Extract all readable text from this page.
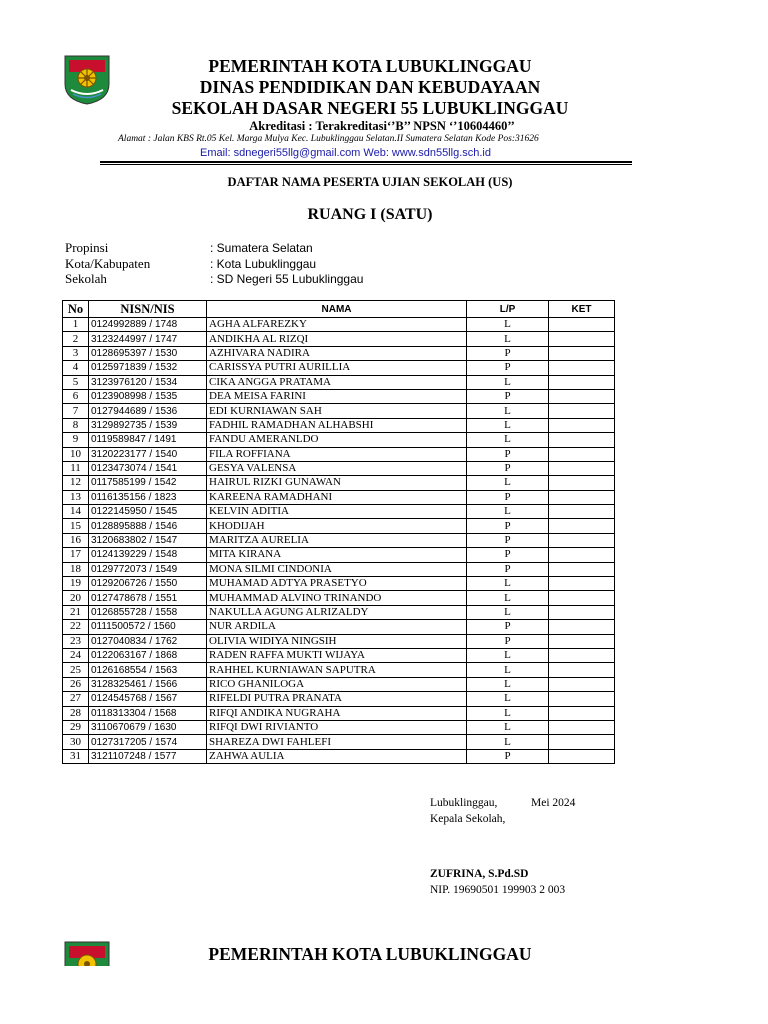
PEMERINTAH KOTA LUBUKLINGGAU
DINAS PENDIDIKAN DAN KEBUDAYAAN
SEKOLAH DASAR NEGERI 55 LUBUKLINGGAU
Akreditasi : Terakreditasi‘’B’’ NPSN ‘’10604460’’
Alamat : Jalan KBS Rt.05 Kel. Marga Mulya Kec. Lubuklinggau Selatan.II Sumatera Selatan Kode Pos:31626
Email: sdnegeri55llg@gmail.com Web: www.sdn55llg.sch.id
DAFTAR NAMA PESERTA UJIAN SEKOLAH (US)
RUANG I (SATU)
Propinsi	: Sumatera Selatan
Kota/Kabupaten	: Kota Lubuklinggau
Sekolah	: SD Negeri 55 Lubuklinggau
No	NISN/NIS	NAMA	L/P	KET
1	0124992889 / 1748	AGHA ALFAREZKY	L	
2	3123244997 / 1747	ANDIKHA AL RIZQI	L	
3	0128695397 / 1530	AZHIVARA NADIRA	P	
4	0125971839 / 1532	CARISSYA PUTRI AURILLIA	P	
5	3123976120 / 1534	CIKA ANGGA PRATAMA	L	
6	0123908998 / 1535	DEA MEISA FARINI	P	
7	0127944689 / 1536	EDI KURNIAWAN SAH	L	
8	3129892735 / 1539	FADHIL RAMADHAN ALHABSHI	L	
9	0119589847 / 1491	FANDU AMERANLDO	L	
10	3120223177 / 1540	FILA ROFFIANA	P	
11	0123473074 / 1541	GESYA VALENSA	P	
12	0117585199 / 1542	HAIRUL RIZKI GUNAWAN	L	
13	0116135156 / 1823	KAREENA RAMADHANI	P	
14	0122145950 / 1545	KELVIN ADITIA	L	
15	0128895888 / 1546	KHODIJAH	P	
16	3120683802 / 1547	MARITZA AURELIA	P	
17	0124139229 / 1548	MITA KIRANA	P	
18	0129772073 / 1549	MONA SILMI CINDONIA	P	
19	0129206726 / 1550	MUHAMAD ADTYA PRASETYO	L	
20	0127478678 / 1551	MUHAMMAD ALVINO TRINANDO	L	
21	0126855728 / 1558	NAKULLA AGUNG ALRIZALDY	L	
22	0111500572 / 1560	NUR ARDILA	P	
23	0127040834 / 1762	OLIVIA WIDIYA NINGSIH	P	
24	0122063167 / 1868	RADEN RAFFA MUKTI WIJAYA	L	
25	0126168554 / 1563	RAHHEL KURNIAWAN SAPUTRA	L	
26	3128325461 / 1566	RICO GHANILOGA	L	
27	0124545768 / 1567	RIFELDI PUTRA PRANATA	L	
28	0118313304 / 1568	RIFQI ANDIKA NUGRAHA	L	
29	3110670679 / 1630	RIFQI DWI RIVIANTO	L	
30	0127317205 / 1574	SHAREZA DWI FAHLEFI	L	
31	3121107248 / 1577	ZAHWA AULIA	P	
Lubuklinggau,	Mei 2024
Kepala Sekolah,
ZUFRINA, S.Pd.SD
NIP. 19690501 199903 2 003
PEMERINTAH KOTA LUBUKLINGGAU
